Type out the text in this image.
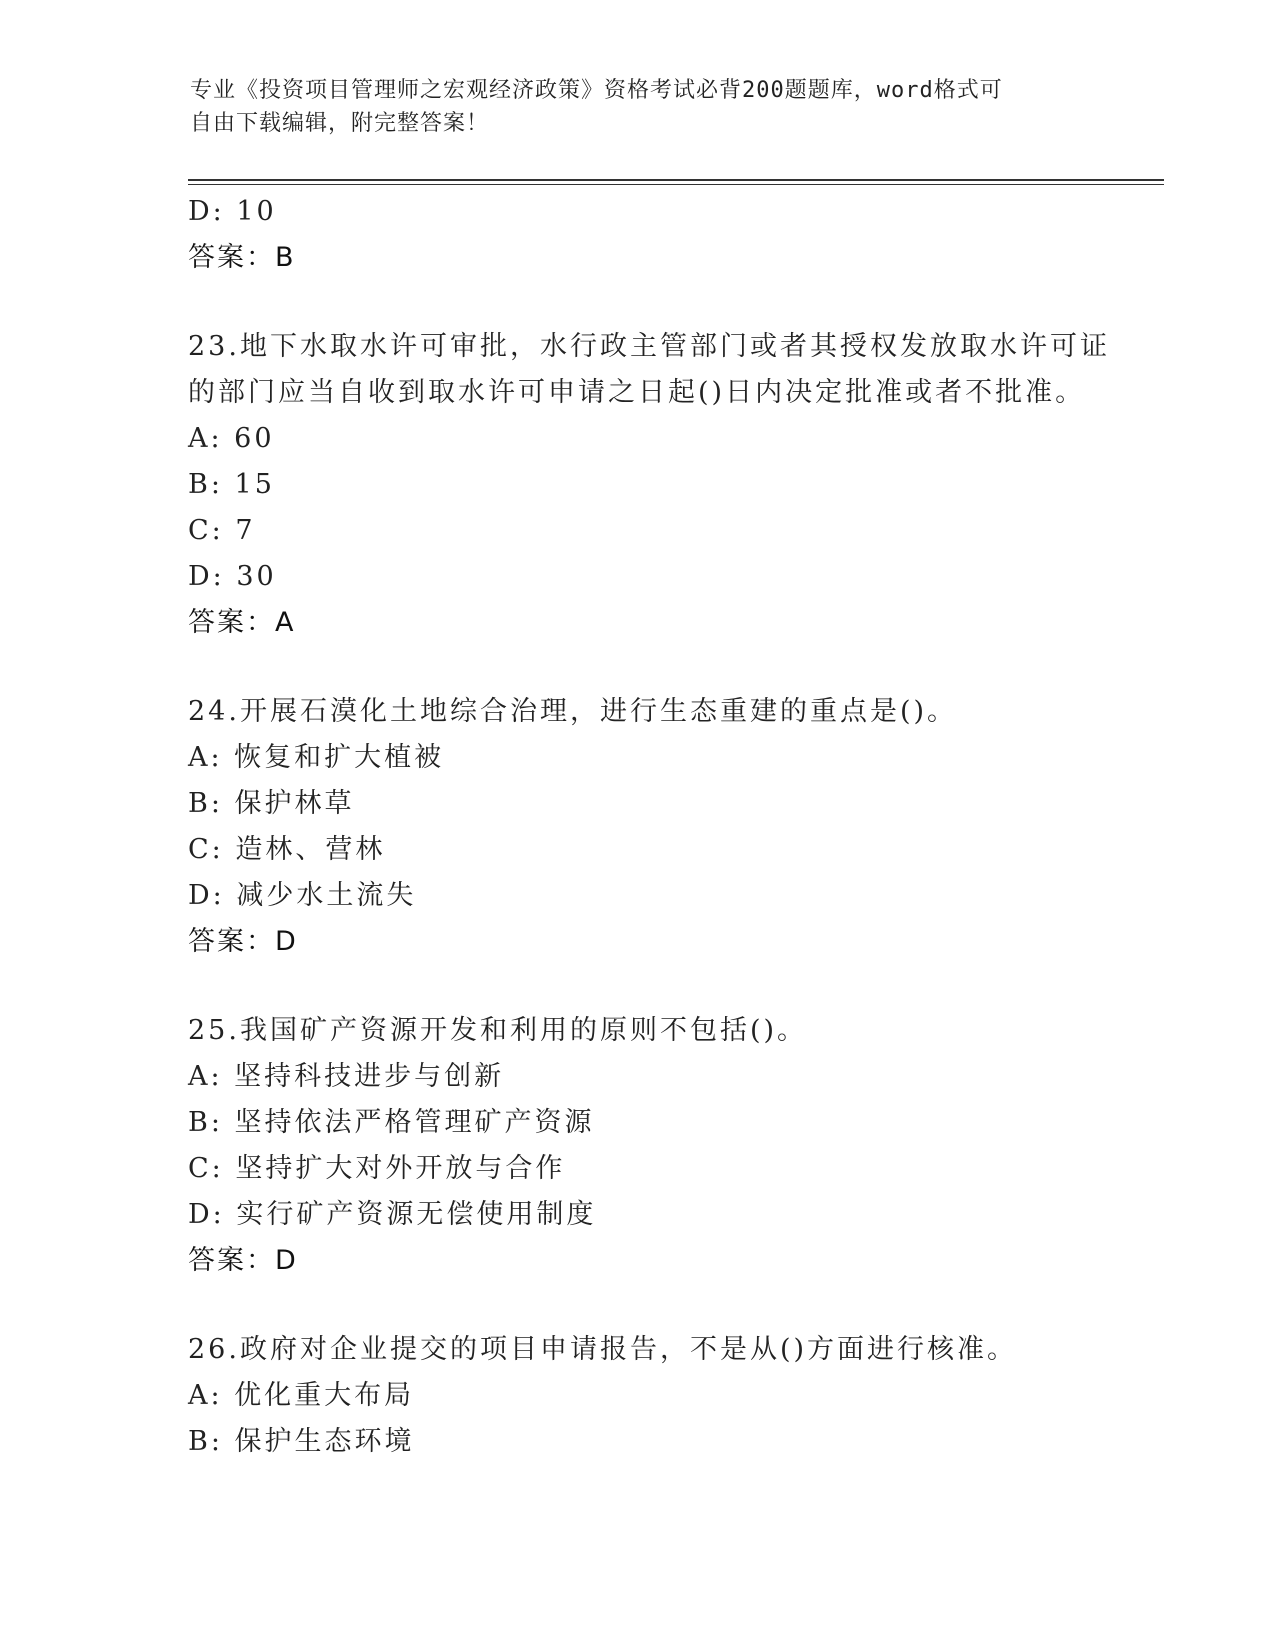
专业《投资项目管理师之宏观经济政策》资格考试必背200题题库，word格式可
自由下载编辑，附完整答案！
D: 10
答案：B
23.地下水取水许可审批，水行政主管部门或者其授权发放取水许可证
的部门应当自收到取水许可申请之日起()日内决定批准或者不批准。
A: 60
B: 15
C: 7
D: 30
答案：A
24.开展石漠化土地综合治理，进行生态重建的重点是()。
A: 恢复和扩大植被
B: 保护林草
C: 造林、营林
D: 减少水土流失
答案：D
25.我国矿产资源开发和利用的原则不包括()。
A: 坚持科技进步与创新
B: 坚持依法严格管理矿产资源
C: 坚持扩大对外开放与合作
D: 实行矿产资源无偿使用制度
答案：D
26.政府对企业提交的项目申请报告，不是从()方面进行核准。
A: 优化重大布局
B: 保护生态环境
